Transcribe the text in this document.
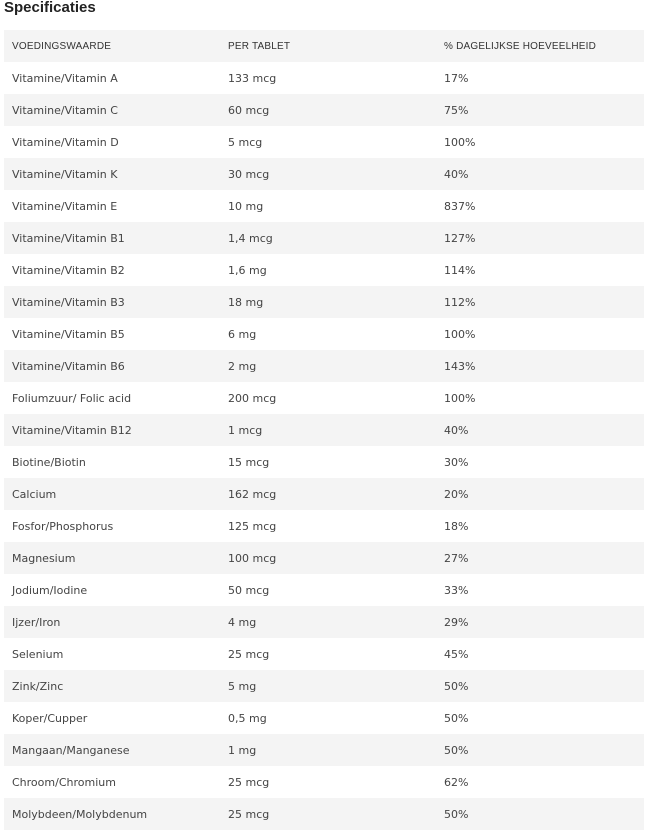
Specificaties
VOEDINGSWAARDE	PER TABLET	% DAGELIJKSE HOEVEELHEID
Vitamine/Vitamin A	133 mcg	17%
Vitamine/Vitamin C	60 mcg	75%
Vitamine/Vitamin D	5 mcg	100%
Vitamine/Vitamin K	30 mcg	40%
Vitamine/Vitamin E	10 mg	837%
Vitamine/Vitamin B1	1,4 mcg	127%
Vitamine/Vitamin B2	1,6 mg	114%
Vitamine/Vitamin B3	18 mg	112%
Vitamine/Vitamin B5	6 mg	100%
Vitamine/Vitamin B6	2 mg	143%
Foliumzuur/ Folic acid	200 mcg	100%
Vitamine/Vitamin B12	1 mcg	40%
Biotine/Biotin	15 mcg	30%
Calcium	162 mcg	20%
Fosfor/Phosphorus	125 mcg	18%
Magnesium	100 mcg	27%
Jodium/Iodine	50 mcg	33%
Ijzer/Iron	4 mg	29%
Selenium	25 mcg	45%
Zink/Zinc	5 mg	50%
Koper/Cupper	0,5 mg	50%
Mangaan/Manganese	1 mg	50%
Chroom/Chromium	25 mcg	62%
Molybdeen/Molybdenum	25 mcg	50%
